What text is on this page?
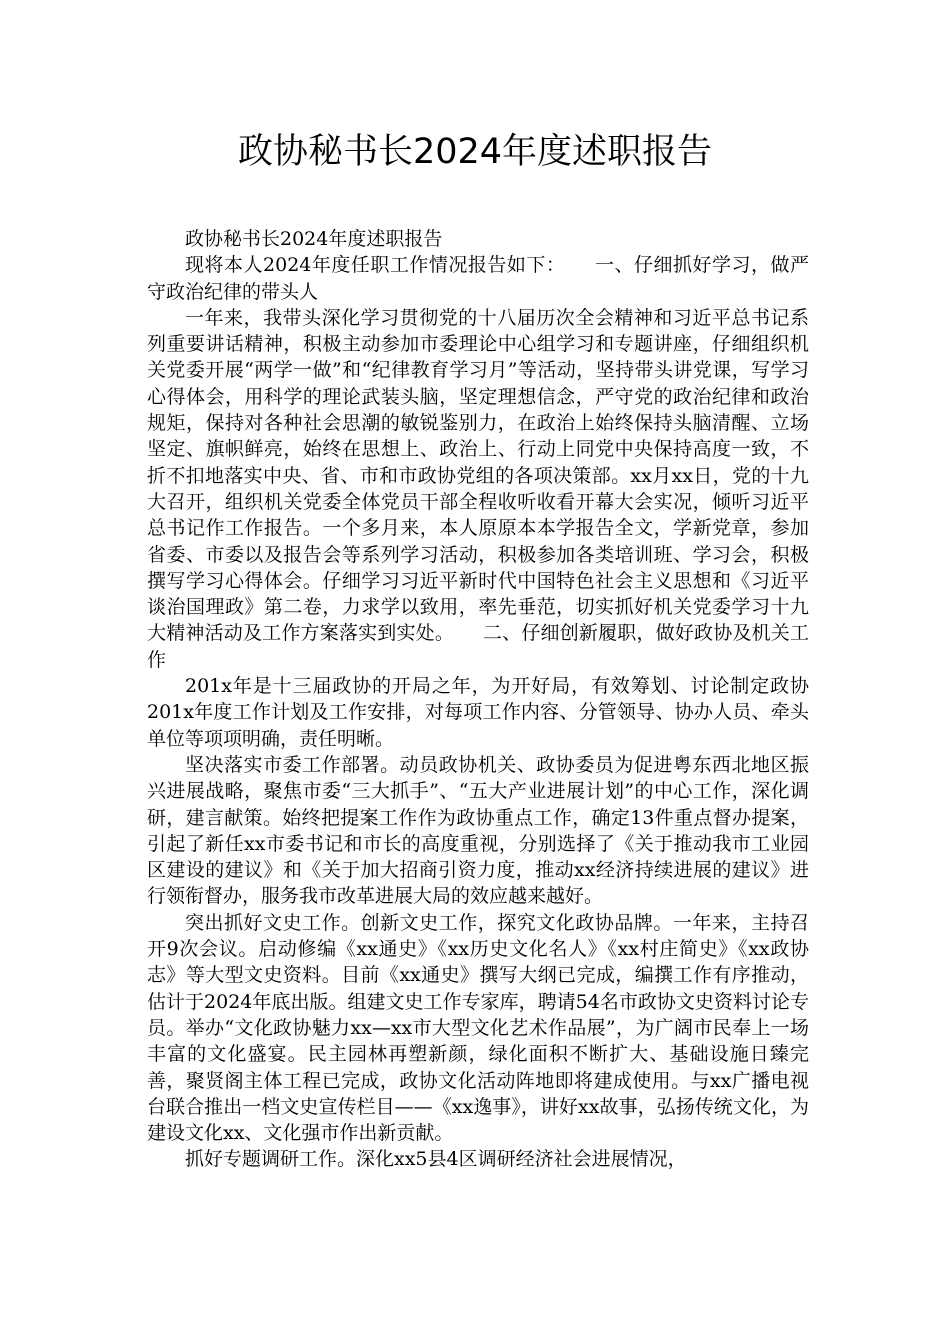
政协秘书长2024年度述职报告

政协秘书长2024年度述职报告

现将本人2024年度任职工作情况报告如下：　　一、仔细抓好学习，做严守政治纪律的带头人

一年来，我带头深化学习贯彻党的十八届历次全会精神和习近平总书记系列重要讲话精神，积极主动参加市委理论中心组学习和专题讲座，仔细组织机关党委开展“两学一做”和“纪律教育学习月”等活动，坚持带头讲党课，写学习心得体会，用科学的理论武装头脑，坚定理想信念，严守党的政治纪律和政治规矩，保持对各种社会思潮的敏锐鉴别力，在政治上始终保持头脑清醒、立场坚定、旗帜鲜亮，始终在思想上、政治上、行动上同党中央保持高度一致，不折不扣地落实中央、省、市和市政协党组的各项决策部。xx月xx日，党的十九大召开，组织机关党委全体党员干部全程收听收看开幕大会实况，倾听习近平总书记作工作报告。一个多月来，本人原原本本学报告全文，学新党章，参加省委、市委以及报告会等系列学习活动，积极参加各类培训班、学习会，积极撰写学习心得体会。仔细学习习近平新时代中国特色社会主义思想和《习近平谈治国理政》第二卷，力求学以致用，率先垂范，切实抓好机关党委学习十九大精神活动及工作方案落实到实处。　　二、仔细创新履职，做好政协及机关工作

201x年是十三届政协的开局之年，为开好局，有效筹划、讨论制定政协201x年度工作计划及工作安排，对每项工作内容、分管领导、协办人员、牵头单位等项项明确，责任明晰。

坚决落实市委工作部署。动员政协机关、政协委员为促进粤东西北地区振兴进展战略，聚焦市委“三大抓手”、“五大产业进展计划”的中心工作，深化调研，建言献策。始终把提案工作作为政协重点工作，确定13件重点督办提案，引起了新任xx市委书记和市长的高度重视，分别选择了《关于推动我市工业园区建设的建议》和《关于加大招商引资力度，推动xx经济持续进展的建议》进行领衔督办，服务我市改革进展大局的效应越来越好。

突出抓好文史工作。创新文史工作，探究文化政协品牌。一年来，主持召开9次会议。启动修编《xx通史》《xx历史文化名人》《xx村庄简史》《xx政协志》等大型文史资料。目前《xx通史》撰写大纲已完成，编撰工作有序推动，估计于2024年底出版。组建文史工作专家库，聘请54名市政协文史资料讨论专员。举办“文化政协魅力xx—xx市大型文化艺术作品展”，为广阔市民奉上一场丰富的文化盛宴。民主园林再塑新颜，绿化面积不断扩大、基础设施日臻完善，聚贤阁主体工程已完成，政协文化活动阵地即将建成使用。与xx广播电视台联合推出一档文史宣传栏目——《xx逸事》，讲好xx故事，弘扬传统文化，为建设文化xx、文化强市作出新贡献。

抓好专题调研工作。深化xx5县4区调研经济社会进展情况，
